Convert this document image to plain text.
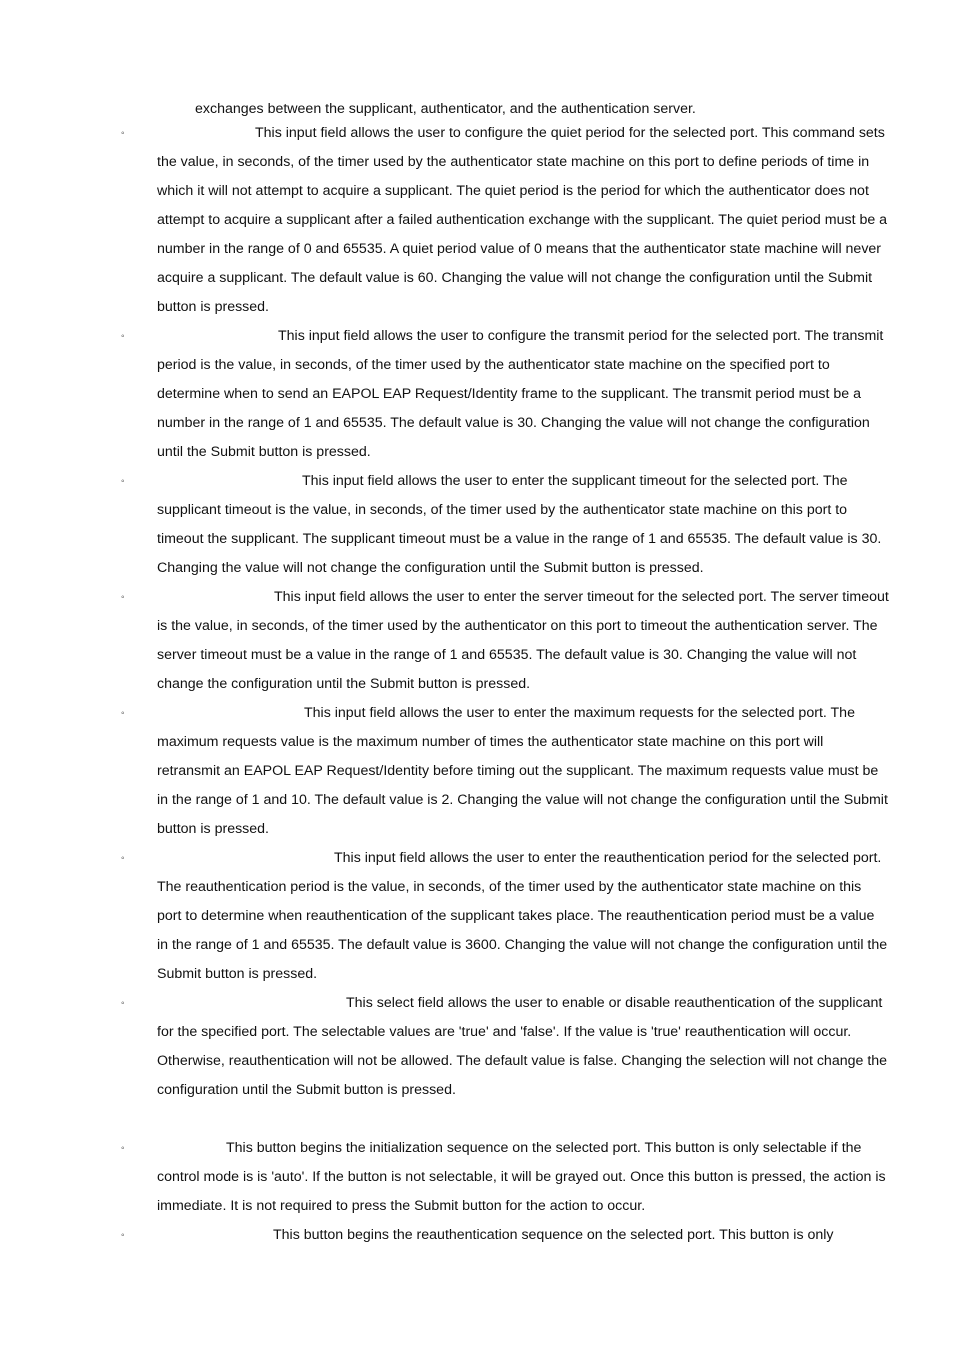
exchanges between the supplicant, authenticator, and the authentication server.
◦	This input field allows the user to configure the quiet period for the selected port. This command sets the value, in seconds, of the timer used by the authenticator state machine on this port to define periods of time in which it will not attempt to acquire a supplicant. The quiet period is the period for which the authenticator does not attempt to acquire a supplicant after a failed authentication exchange with the supplicant. The quiet period must be a number in the range of 0 and 65535. A quiet period value of 0 means that the authenticator state machine will never acquire a supplicant. The default value is 60. Changing the value will not change the configuration until the Submit button is pressed.
◦	This input field allows the user to configure the transmit period for the selected port. The transmit period is the value, in seconds, of the timer used by the authenticator state machine on the specified port to determine when to send an EAPOL EAP Request/Identity frame to the supplicant. The transmit period must be a number in the range of 1 and 65535. The default value is 30. Changing the value will not change the configuration until the Submit button is pressed.
◦	This input field allows the user to enter the supplicant timeout for the selected port. The supplicant timeout is the value, in seconds, of the timer used by the authenticator state machine on this port to timeout the supplicant. The supplicant timeout must be a value in the range of 1 and 65535. The default value is 30. Changing the value will not change the configuration until the Submit button is pressed.
◦	This input field allows the user to enter the server timeout for the selected port. The server timeout is the value, in seconds, of the timer used by the authenticator on this port to timeout the authentication server. The server timeout must be a value in the range of 1 and 65535. The default value is 30. Changing the value will not change the configuration until the Submit button is pressed.
◦	This input field allows the user to enter the maximum requests for the selected port. The maximum requests value is the maximum number of times the authenticator state machine on this port will retransmit an EAPOL EAP Request/Identity before timing out the supplicant. The maximum requests value must be in the range of 1 and 10. The default value is 2. Changing the value will not change the configuration until the Submit button is pressed.
◦	This input field allows the user to enter the reauthentication period for the selected port. The reauthentication period is the value, in seconds, of the timer used by the authenticator state machine on this port to determine when reauthentication of the supplicant takes place. The reauthentication period must be a value in the range of 1 and 65535. The default value is 3600. Changing the value will not change the configuration until the Submit button is pressed.
◦	This select field allows the user to enable or disable reauthentication of the supplicant for the specified port. The selectable values are 'true' and 'false'. If the value is 'true' reauthentication will occur. Otherwise, reauthentication will not be allowed. The default value is false. Changing the selection will not change the configuration until the Submit button is pressed.
◦	This button begins the initialization sequence on the selected port. This button is only selectable if the control mode is is 'auto'. If the button is not selectable, it will be grayed out. Once this button is pressed, the action is immediate. It is not required to press the Submit button for the action to occur.
◦	This button begins the reauthentication sequence on the selected port. This button is only
